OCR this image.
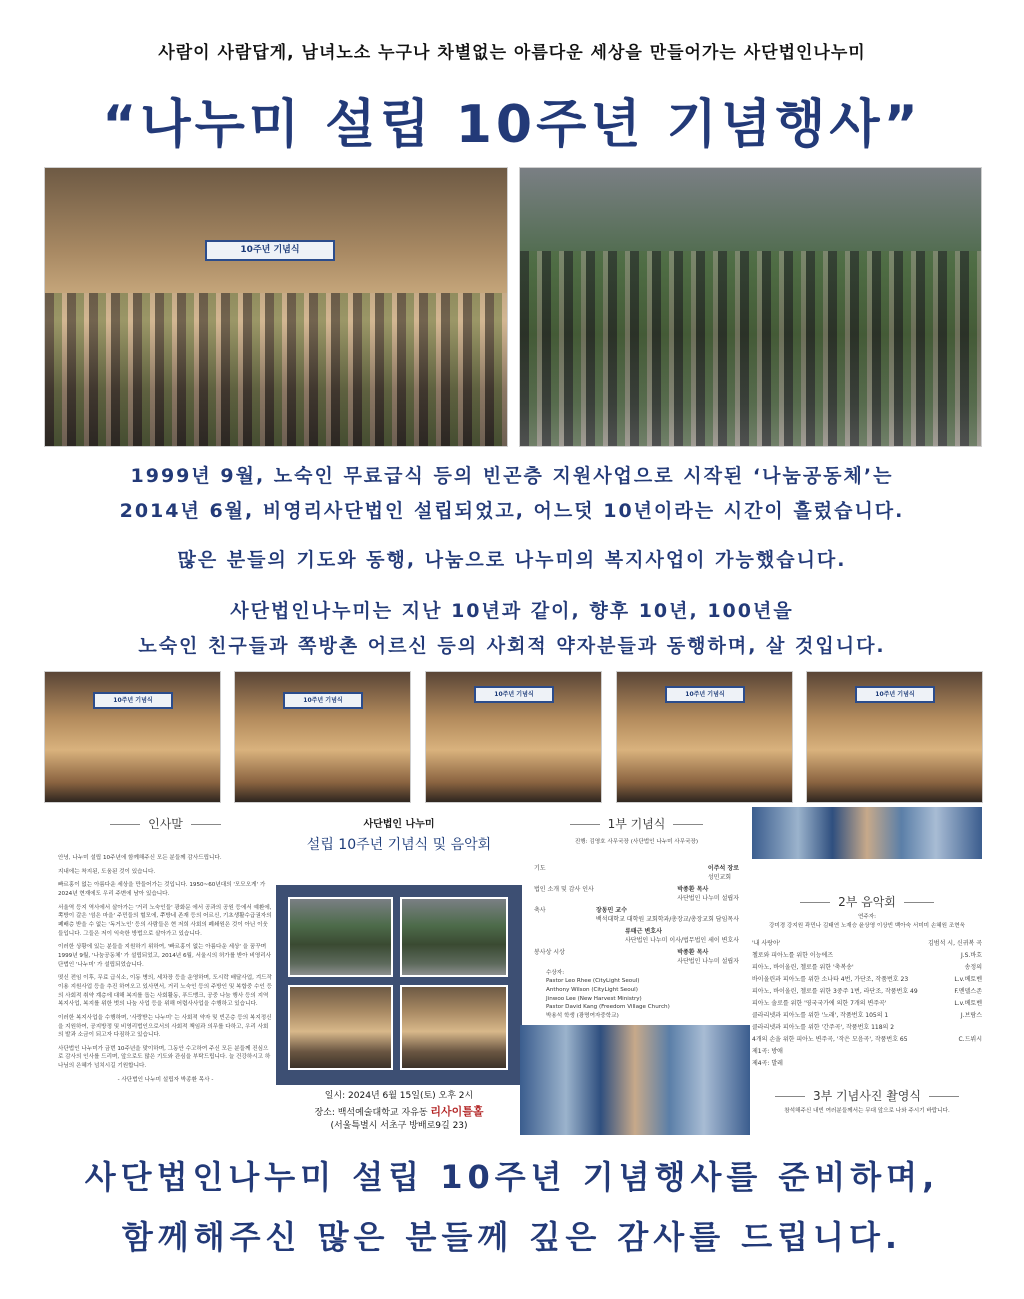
사람이 사람답게, 남녀노소 누구나 차별없는 아름다운 세상을 만들어가는 사단법인나누미
“나누미 설립 10주년 기념행사”
10주년 기념식
1999년 9월, 노숙인 무료급식 등의 빈곤층 지원사업으로 시작된 ‘나눔공동체’는
2014년 6월, 비영리사단법인 설립되었고, 어느덧 10년이라는 시간이 흘렀습니다.
많은 분들의 기도와 동행, 나눔으로 나누미의 복지사업이 가능했습니다.
사단법인나누미는 지난 10년과 같이, 향후 10년, 100년을
노숙인 친구들과 쪽방촌 어르신 등의 사회적 약자분들과 동행하며, 살 것입니다.
10주년 기념식	10주년 기념식
10주년 기념식	10주년 기념식	10주년 기념식
인사말

안녕, 나누미 설립 10주년에 함께해주신 모든 분들께 감사드립니다.

지내에는 착지된, 도움된 것이 있습니다.

빠르홍이 없는 아름다운 세상을 만들어가는 것입니다. 1950~60년대의 '모모오게' 가 2024년 현재에도 우리 주변에 남아 있습니다.

서울역 등지 역사에서 살아가는 '거리 노숙인들' 광화문 에서 공과의 공원 등에서 예환에, 쪽방이 갈은 '섬은 마을' 주민들의 헐모에, 쭈방네 존재 등의 어르신, 기초생활수급권자의 폐배층 받을 수 없는 '독거노인' 등의 사람들은 현 저희 사회의 폐쇄원은 것이 아닌 이웃들입니다. 그들은 저이 익숙한 방법으로 살아가고 있습니다.

이러한 상황에 있는 분들을 지원하기 위하여, '빠르홍이 없는 아름다운 세상' 을 꿈꾸며 1999년 9월, '나눔공동체' 가 설립되었고, 2014년 6월, 서울시의 허가를 받아 비영리사단법인 '나누미' 가 설립되었습니다.

떳신 전임 이후, 무료 급식소, 이동 병의, 세차장 등을 운영하며, 도시락 배달사업, 겨드작이용 지원사업 등을 추진 하여오고 있사면서, 거리 노숙인 등의 주방인 및 복합중 수인 등의 사회적 취약 계층에 대해 복지를 돕는 사회활동, 푸드뱅크, 공중 나눔 행사 등의 지역 복지사업, 복지를 위한 벗의 나눔 사업 등을 위해 어렵사사업을 수행하고 있습니다.

이러한 복지사업을 수행하며, '사랑받는 나누미' 는 사회적 약자 및 빈곤층 등의 복지정신을 지원하여, 공지방정 및 비영리법인으로서의 사회적 책임과 의무를 다하고, 우리 사회의 발과 소금이 되고자 다짐하고 있습니다.

사단법인 나누미가 금번 10주년을 맞이하며, 그동안 수고하여 주신 모든 분들께 진심으로 감사의 인사를 드리며, 앞으로도 많은 기도와 관심을 부탁드립니다. 늘 건강하시고 하나님의 은혜가 넘치시길 기원합니다.

- 사단법인 나누미 설립자 박종환 목사 -

사단법인 나누미
설립 10주년 기념식 및 음악회
일시: 2024년 6월 15일(토) 오후 2시
장소: 백석예술대학교 자유동 리사이틀홀
(서울특별시 서초구 방배로9길 23)
1부 기념식
진행: 김영호 사무국장 (사단법인 나누미 사무국장)
기도	이주석 장로
성민교회
법인 소개 및 감사 인사	박종환 목사
사단법인 나누미 설립자
축사	장동민 교수
백석대학교 대학원 교회학과/총장교/총장교회 담임목사
류태근 변호사
사단법인 나누미 이사/법무법인 세이 변호사
봉사상 시상	박종환 목사
사단법인 나누미 설립자
수상자:
Pastor Leo Rhee (CityLight Seoul)
Anthony Wilson (CityLight Seoul)
Jinwoo Lee (New Harvest Ministry)
Pastor David Kang (Freedom Village Church)
박용석 학생 (광명여자중학교)
2부 음악회
연주자:
강미경 강지원 곽민나 김태연 노재승 윤상영 이상빈 백아숙 서미미 손혜원 조현욱
'내 사랑아'	김범석 시, 신귀복 곡
첼로와 피아노를 위한 이능에즈	J.S.바흐
피아노, 바이올린, 첼로를 위한 '축복송'	송정의
바이올린과 피아노를 위한 소나타 4번, 가단조, 작품번호 23	L.v.베토벤
피아노, 바이올린, 첼로를 위한 3중주 1번, 라단조, 작품번호 49	F.멘델스존
피아노 솔로를 위한 '영국국가에 의한 7개의 변주곡'	L.v.베토벤
클라리넷과 피아노를 위한 '노래', 작품번호 105의 1	J.브람스
클라리넷과 피아노를 위한 '간주곡', 작품번호 118의 2
4개의 손을 위한 피아노 변주곡, '작은 모음곡', 작품번호 65	C.드뷔시
제1곡: 방애
제4곡: 발레
3부 기념사진 촬영식
참석해주신 내빈 여러분들께서는 무대 앞으로 나와 주시기 바랍니다.
사단법인나누미 설립 10주년 기념행사를 준비하며,
함께해주신 많은 분들께 깊은 감사를 드립니다.
